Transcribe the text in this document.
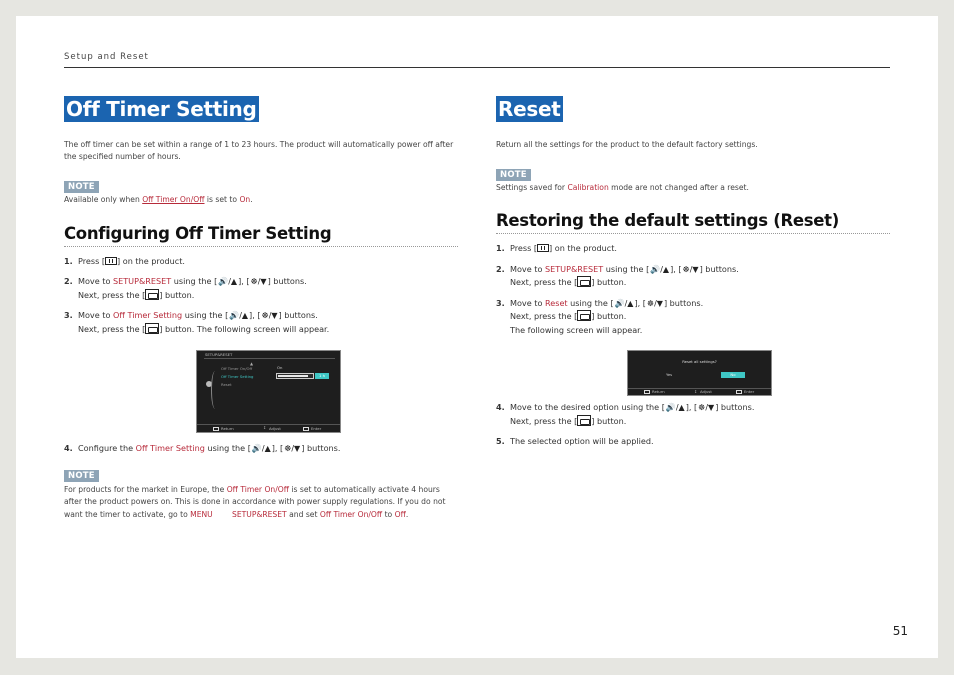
Setup and Reset
Off Timer Setting

The off timer can be set within a range of 1 to 23 hours. The product will automatically power off after the specified number of hours.

NOTE

Available only when Off Timer On/Off is set to On.

Configuring Off Timer Setting
1. Press [ ] on the product.
2. Move to SETUP&RESET using the [🔊/▲], [☸/▼] buttons.
Next, press the [ ] button.
3. Move to Off Timer Setting using the [🔊/▲], [☸/▼] buttons.
Next, press the [ ] button. The following screen will appear.
SETUP&RESET
▲
Off Timer On/Off
Off Timer Setting
Reset
On
1 h
Return	↕ Adjust	Enter
4. Configure the Off Timer Setting using the [🔊/▲], [☸/▼] buttons.
NOTE

For products for the market in Europe, the Off Timer On/Off is set to automatically activate 4 hours after the product powers on. This is done in accordance with power supply regulations. If you do not want the timer to activate, go to MENU	SETUP&RESET and set Off Timer On/Off to Off.

Reset

Return all the settings for the product to the default factory settings.

NOTE

Settings saved for Calibration mode are not changed after a reset.

Restoring the default settings (Reset)
1. Press [ ] on the product.
2. Move to SETUP&RESET using the [🔊/▲], [☸/▼] buttons.
Next, press the [ ] button.
3. Move to Reset using the [🔊/▲], [☸/▼] buttons.
Next, press the [ ] button.
The following screen will appear.
Reset all settings?
Yes	No
Return	↕ Adjust	Enter
4. Move to the desired option using the [🔊/▲], [☸/▼] buttons.
Next, press the [ ] button.
5. The selected option will be applied.
51
